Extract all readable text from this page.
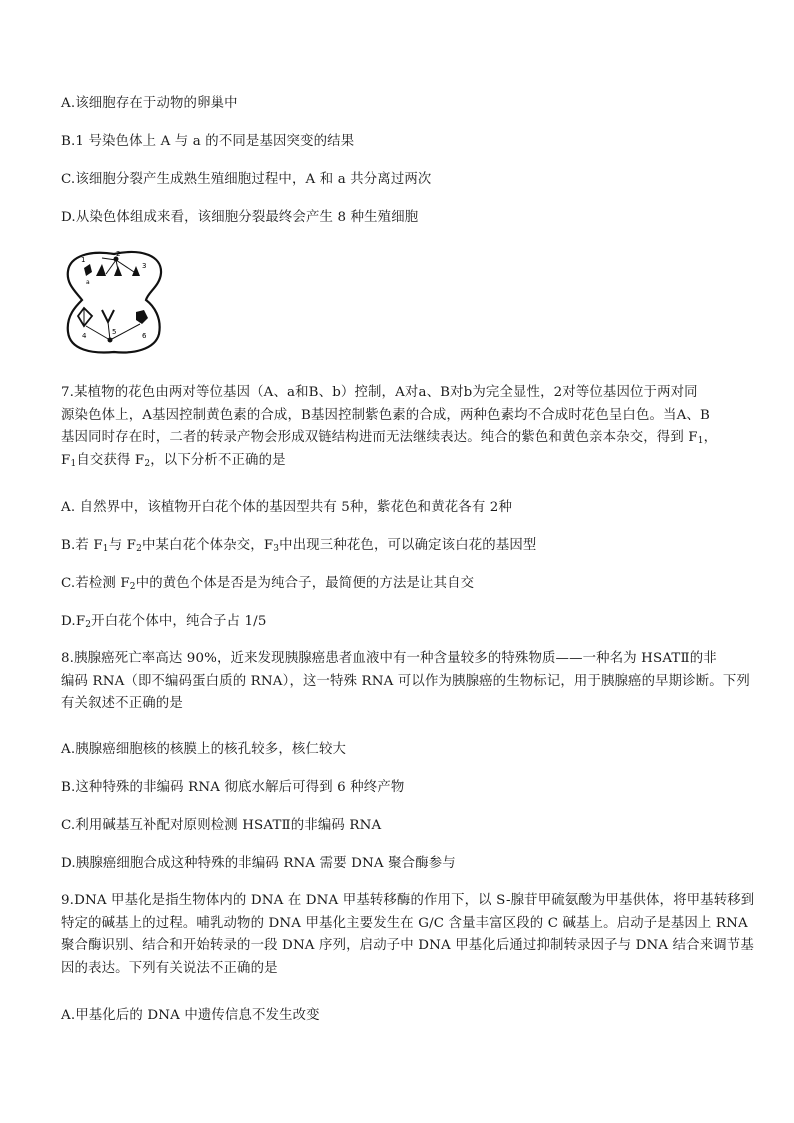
A.该细胞存在于动物的卵巢中
B.1 号染色体上 A 与 a 的不同是基因突变的结果
C.该细胞分裂产生成熟生殖细胞过程中，A 和 a 共分离过两次
D.从染色体组成来看，该细胞分裂最终会产生 8 种生殖细胞
1
2
3
4	5	6
a
7.某植物的花色由两对等位基因（A、a和B、b）控制，A对a、B对b为完全显性，2对等位基因位于两对同
源染色体上，A基因控制黄色素的合成，B基因控制紫色素的合成，两种色素均不合成时花色呈白色。当A、B
基因同时存在时，二者的转录产物会形成双链结构进而无法继续表达。纯合的紫色和黄色亲本杂交，得到 $F_1$，
$F_1$自交获得 $F_2$，以下分析不正确的是
A. 自然界中，该植物开白花个体的基因型共有 5种，紫花色和黄花各有 2种
B.若 $F_1$与 $F_2$中某白花个体杂交，$F_3$中出现三种花色，可以确定该白花的基因型
C.若检测 $F_2$中的黄色个体是否是为纯合子，最简便的方法是让其自交
$D.F_2$开白花个体中，纯合子占 1/5
8.胰腺癌死亡率高达 90%，近来发现胰腺癌患者血液中有一种含量较多的特殊物质——一种名为 HSATⅡ的非
编码 RNA（即不编码蛋白质的 RNA），这一特殊 RNA 可以作为胰腺癌的生物标记，用于胰腺癌的早期诊断。下列
有关叙述不正确的是
A.胰腺癌细胞核的核膜上的核孔较多，核仁较大
B.这种特殊的非编码 RNA 彻底水解后可得到 6 种终产物
C.利用碱基互补配对原则检测 HSATⅡ的非编码 RNA
D.胰腺癌细胞合成这种特殊的非编码 RNA 需要 DNA 聚合酶参与
9.DNA 甲基化是指生物体内的 DNA 在 DNA 甲基转移酶的作用下，以 S-腺苷甲硫氨酸为甲基供体，将甲基转移到
特定的碱基上的过程。哺乳动物的 DNA 甲基化主要发生在 G/C 含量丰富区段的 C 碱基上。启动子是基因上 RNA
聚合酶识别、结合和开始转录的一段 DNA 序列，启动子中 DNA 甲基化后通过抑制转录因子与 DNA 结合来调节基
因的表达。下列有关说法不正确的是
A.甲基化后的 DNA 中遗传信息不发生改变
